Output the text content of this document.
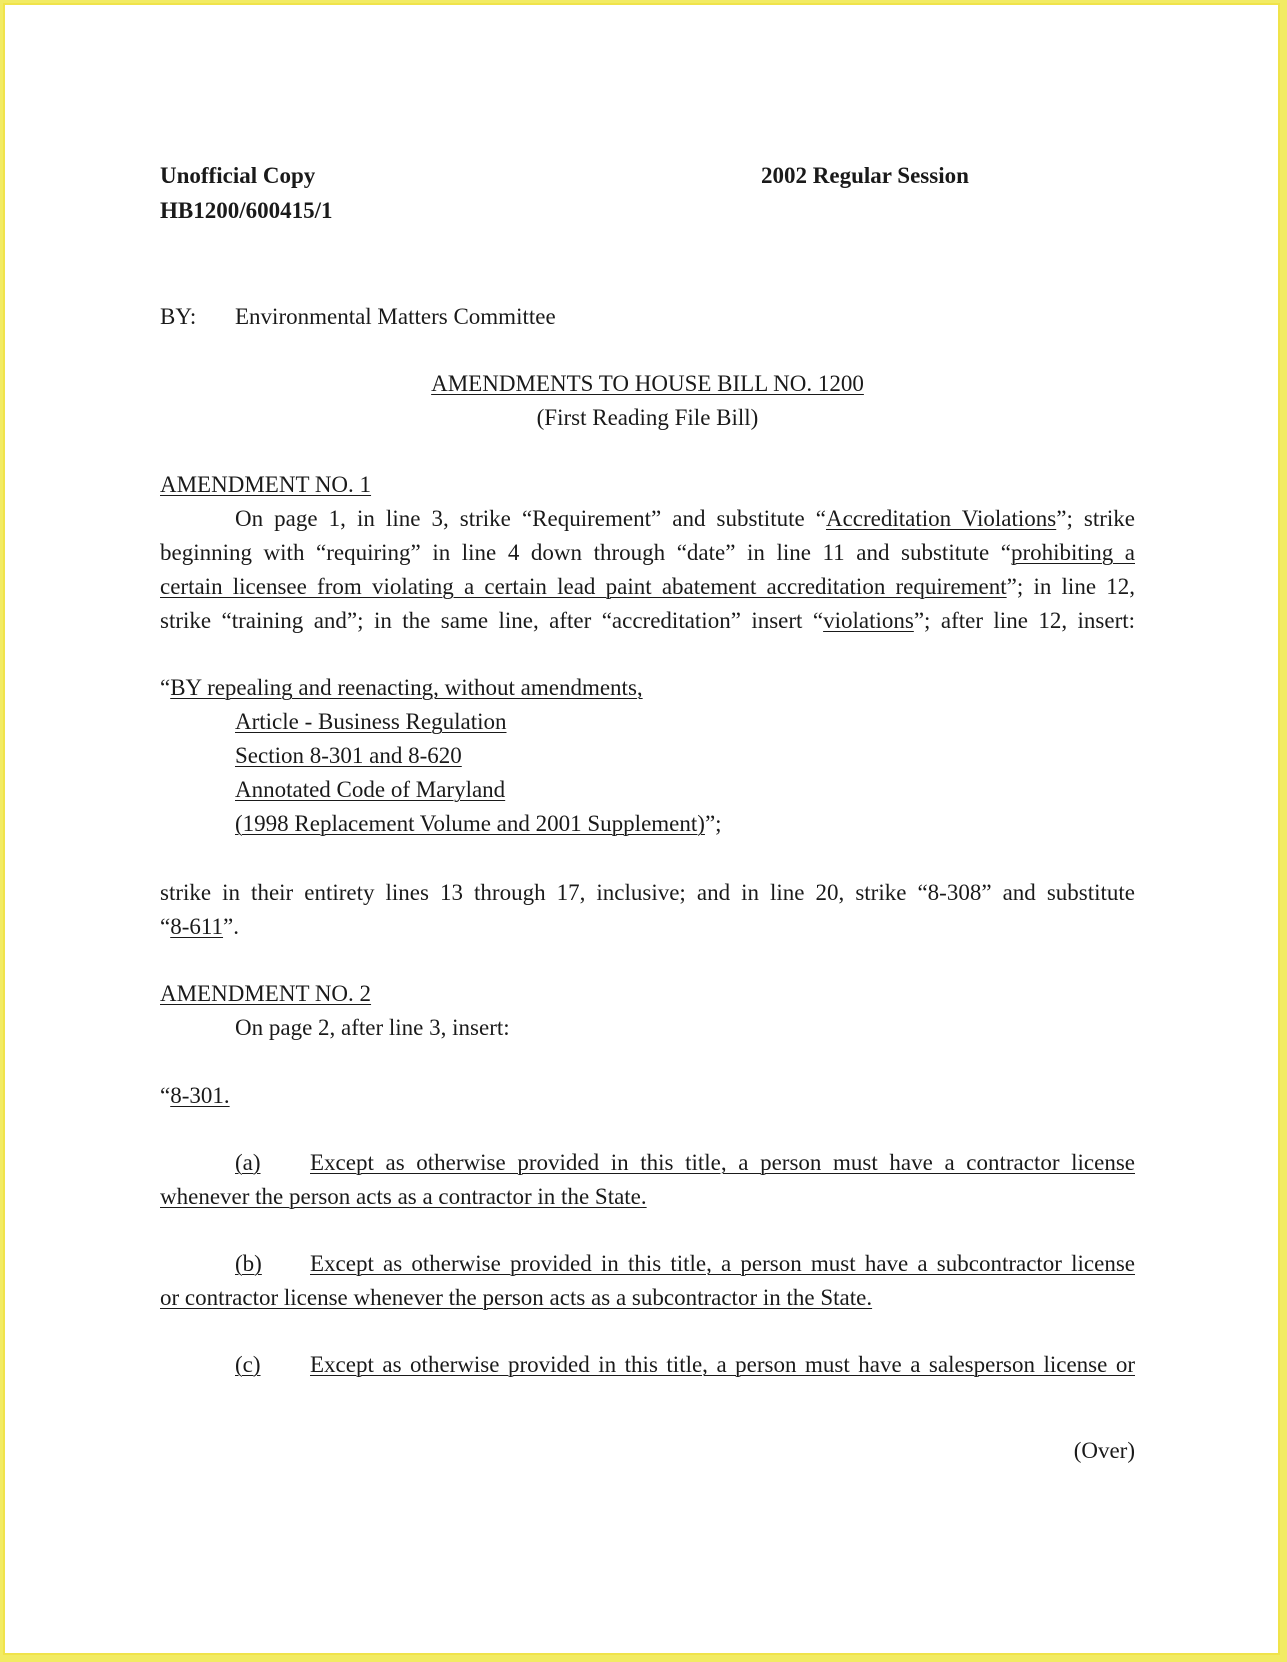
Unofficial Copy	2002 Regular Session
HB1200/600415/1
BY: Environmental Matters Committee
AMENDMENTS TO HOUSE BILL NO. 1200
(First Reading File Bill)
AMENDMENT NO. 1
On page 1, in line 3, strike “Requirement” and substitute “Accreditation Violations”; strike
beginning with “requiring” in line 4 down through “date” in line 11 and substitute “prohibiting a
certain licensee from violating a certain lead paint abatement accreditation requirement”; in line 12,
strike “training and”; in the same line, after “accreditation” insert “violations”; after line 12, insert:
“BY repealing and reenacting, without amendments,
Article - Business Regulation
Section 8-301 and 8-620
Annotated Code of Maryland
(1998 Replacement Volume and 2001 Supplement)”;
strike in their entirety lines 13 through 17, inclusive; and in line 20, strike “8-308” and substitute
“8-611”.
AMENDMENT NO. 2
On page 2, after line 3, insert:
“8-301.
(a) Except as otherwise provided in this title, a person must have a contractor license
whenever the person acts as a contractor in the State.
(b) Except as otherwise provided in this title, a person must have a subcontractor license
or contractor license whenever the person acts as a subcontractor in the State.
(c) Except as otherwise provided in this title, a person must have a salesperson license or
(Over)
